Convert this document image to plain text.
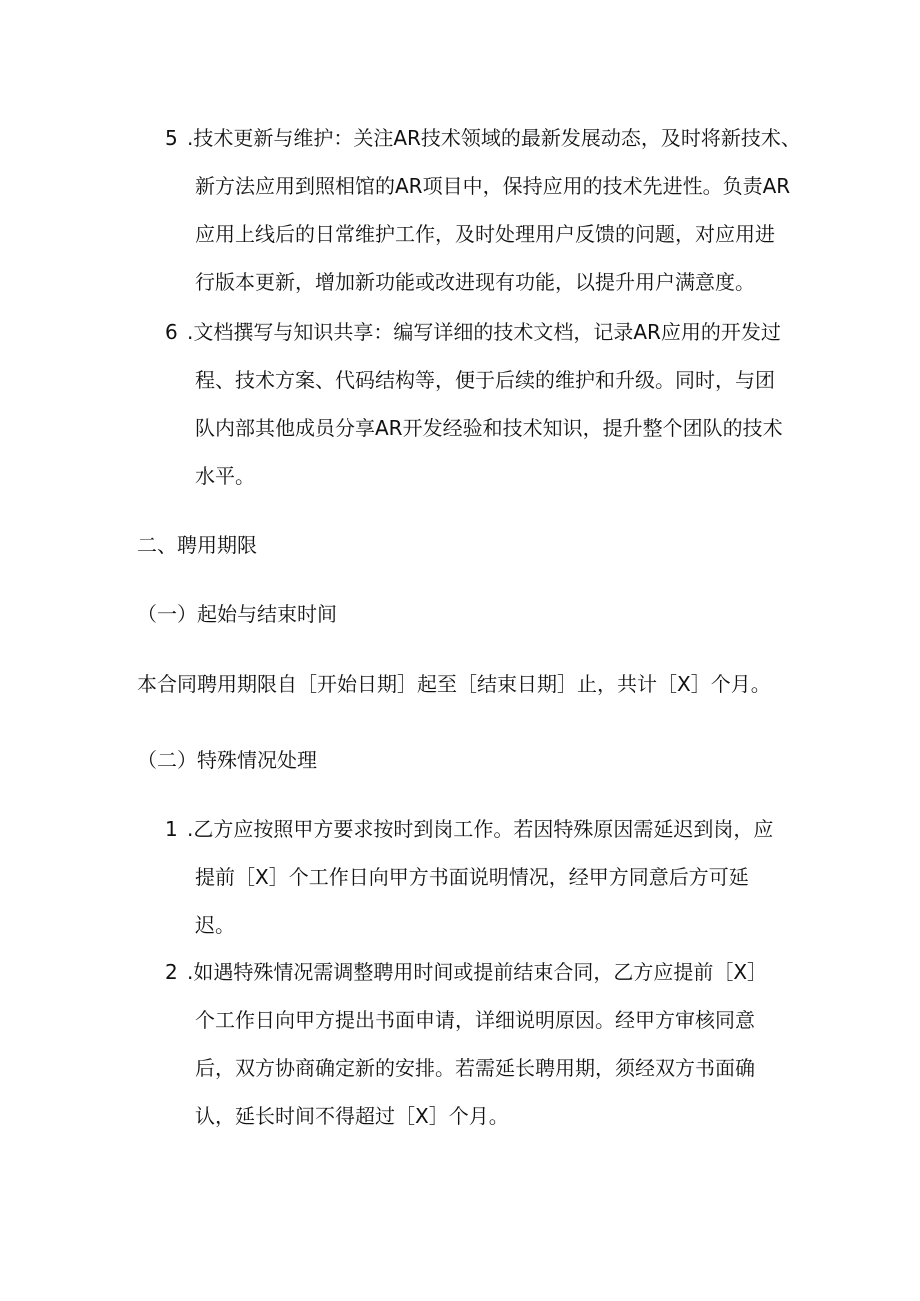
5 .技术更新与维护：关注AR技术领域的最新发展动态，及时将新技术、
新方法应用到照相馆的AR项目中，保持应用的技术先进性。负责AR
应用上线后的日常维护工作，及时处理用户反馈的问题，对应用进
行版本更新，增加新功能或改进现有功能，以提升用户满意度。
6 .文档撰写与知识共享：编写详细的技术文档，记录AR应用的开发过
程、技术方案、代码结构等，便于后续的维护和升级。同时，与团
队内部其他成员分享AR开发经验和技术知识，提升整个团队的技术
水平。
二、聘用期限
（一）起始与结束时间
本合同聘用期限自［开始日期］起至［结束日期］止，共计［X］个月。
（二）特殊情况处理
1 .乙方应按照甲方要求按时到岗工作。若因特殊原因需延迟到岗，应
提前［X］个工作日向甲方书面说明情况，经甲方同意后方可延
迟。
2 .如遇特殊情况需调整聘用时间或提前结束合同，乙方应提前［X］
个工作日向甲方提出书面申请，详细说明原因。经甲方审核同意
后，双方协商确定新的安排。若需延长聘用期，须经双方书面确
认，延长时间不得超过［X］个月。
